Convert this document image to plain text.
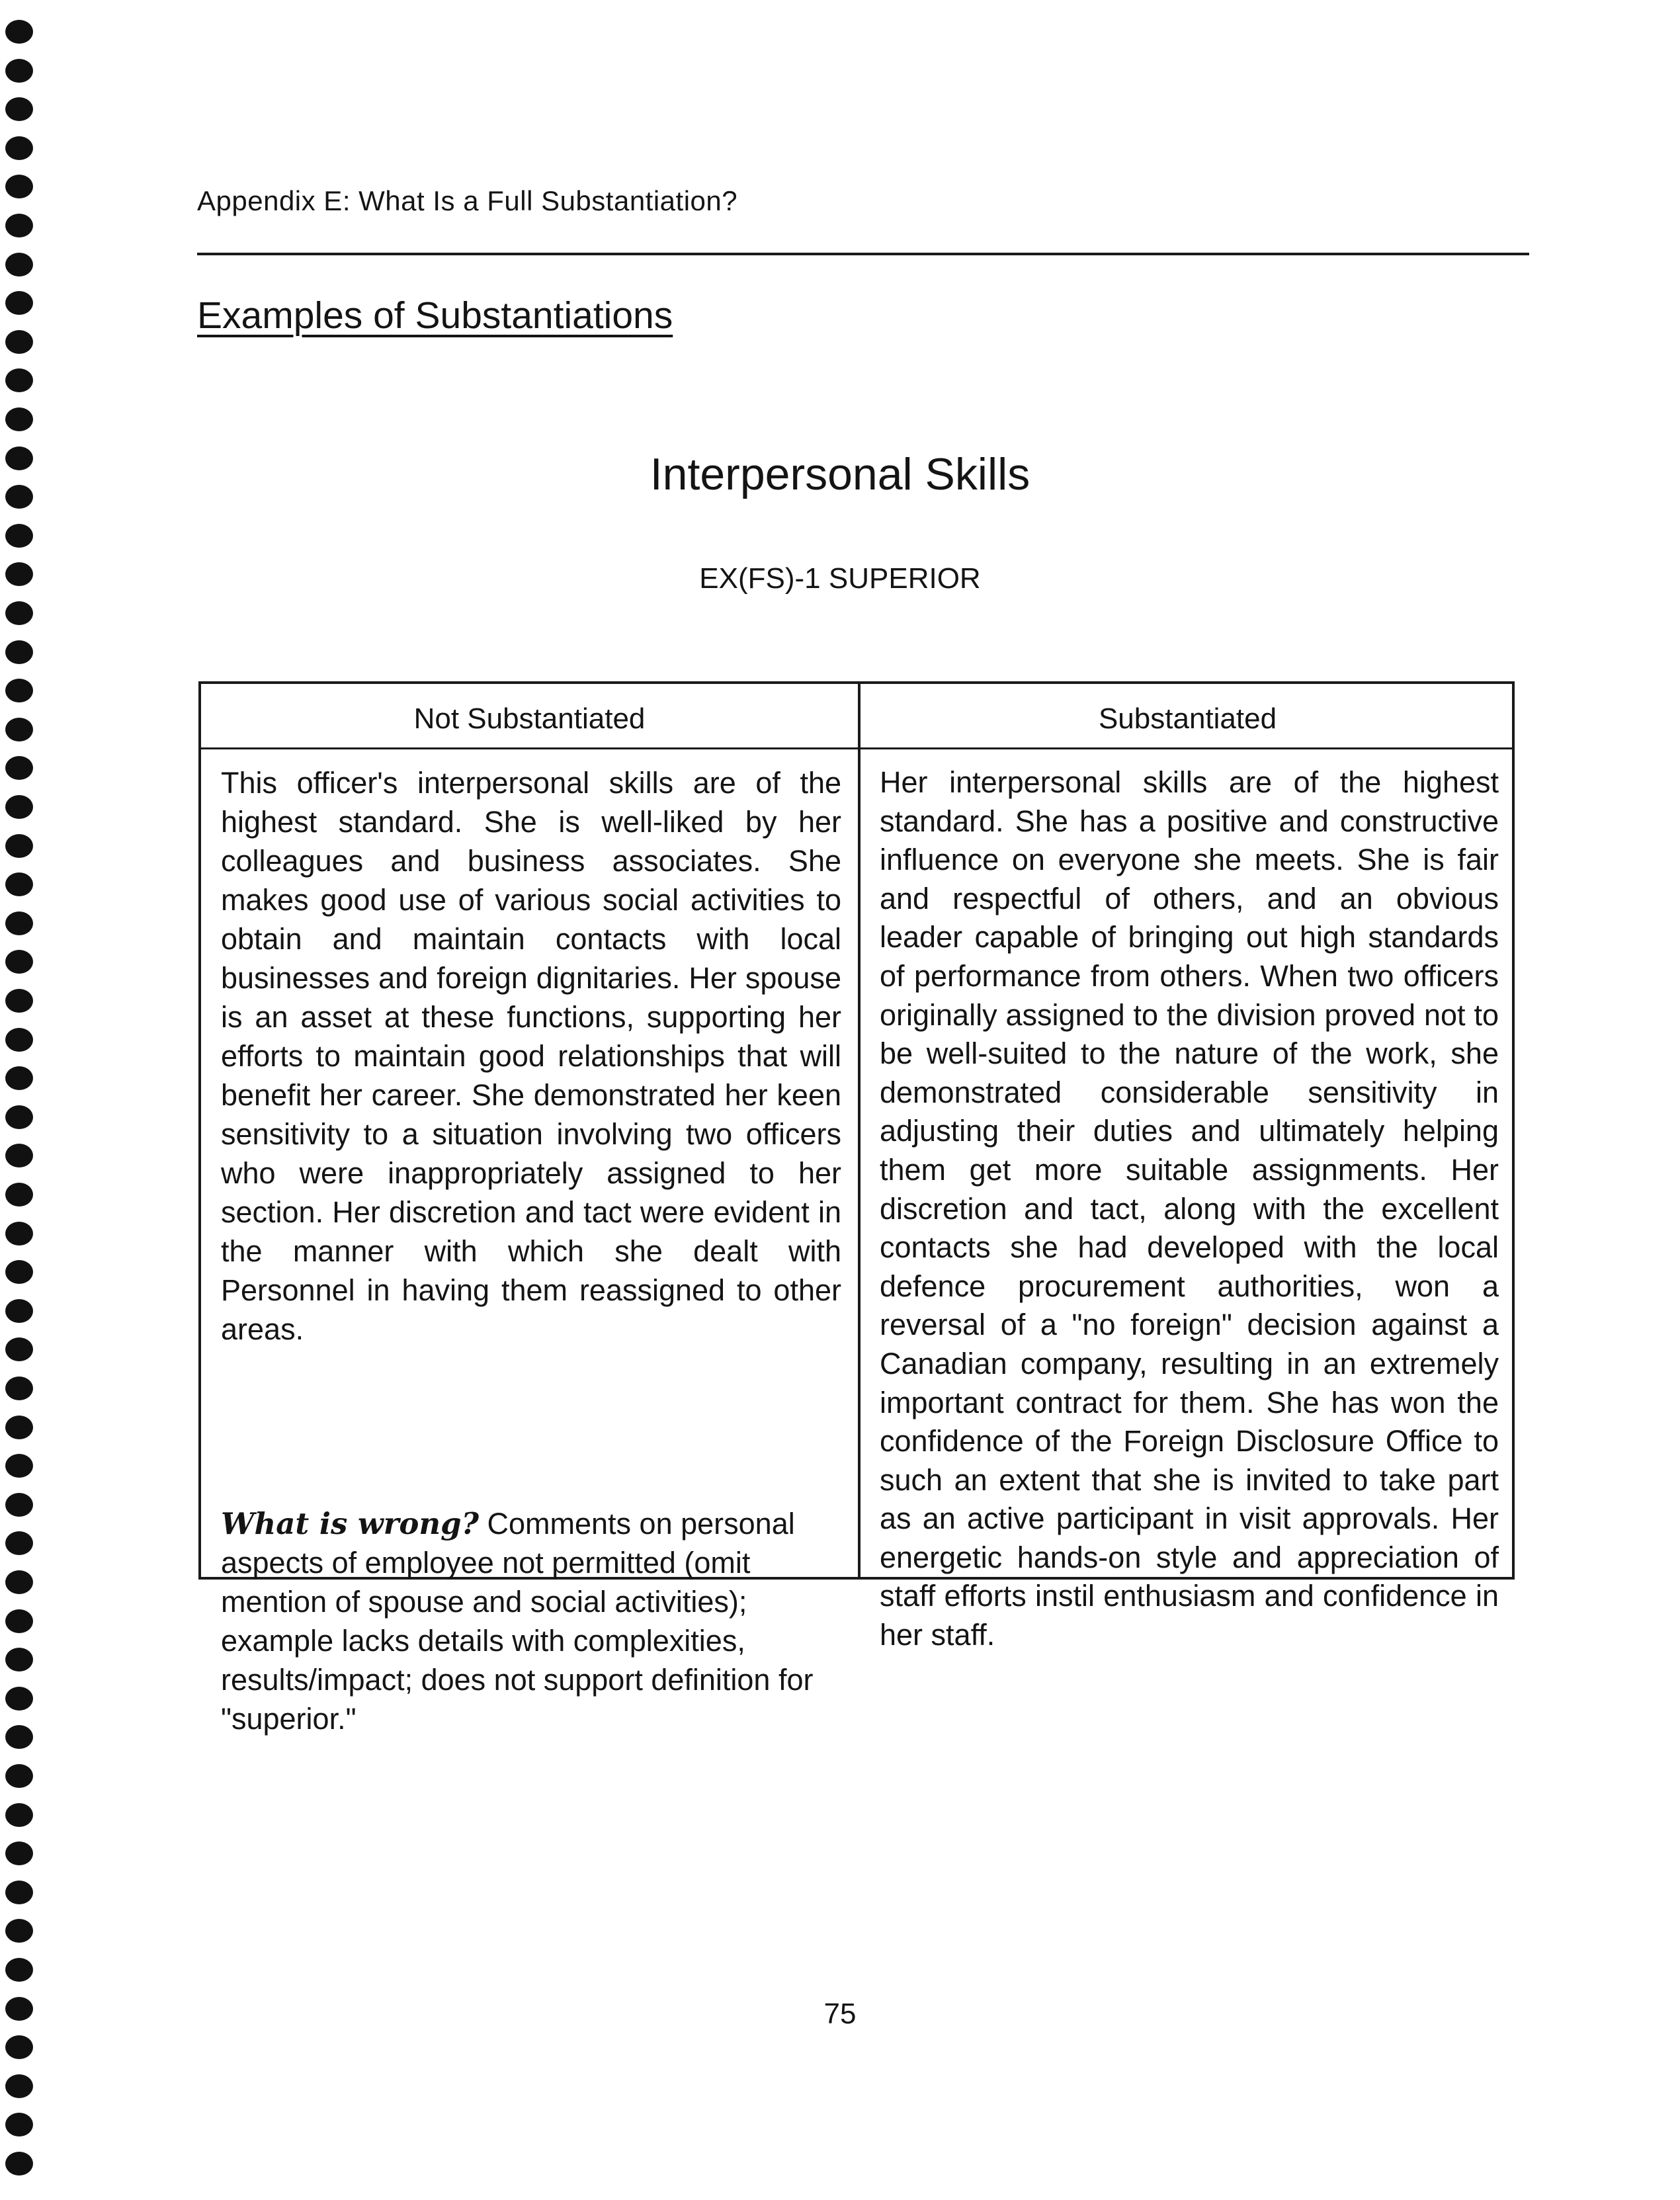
Appendix E: What Is a Full Substantiation?
Examples of Substantiations
Interpersonal Skills
EX(FS)-1 SUPERIOR
Not Substantiated	Substantiated
This officer's interpersonal skills are of the highest standard. She is well-liked by her colleagues and business associates. She makes good use of various social activities to obtain and maintain contacts with local businesses and foreign dignitaries. Her spouse is an asset at these functions, supporting her efforts to maintain good relationships that will benefit her career. She demonstrated her keen sensitivity to a situation involving two officers who were inappropriately assigned to her section. Her discretion and tact were evident in the manner with which she dealt with Personnel in having them reassigned to other areas.
What is wrong? Comments on personal aspects of employee not permitted (omit mention of spouse and social activities); example lacks details with complexities, results/impact; does not support definition for "superior."
Her interpersonal skills are of the highest standard. She has a positive and constructive influence on everyone she meets. She is fair and respectful of others, and an obvious leader capable of bringing out high standards of performance from others. When two officers originally assigned to the division proved not to be well-suited to the nature of the work, she demonstrated considerable sensitivity in adjusting their duties and ultimately helping them get more suitable assignments. Her discretion and tact, along with the excellent contacts she had developed with the local defence procurement authorities, won a reversal of a "no foreign" decision against a Canadian company, resulting in an extremely important contract for them. She has won the confidence of the Foreign Disclosure Office to such an extent that she is invited to take part as an active participant in visit approvals. Her energetic hands-on style and appreciation of staff efforts instil enthusiasm and confidence in her staff.
75
